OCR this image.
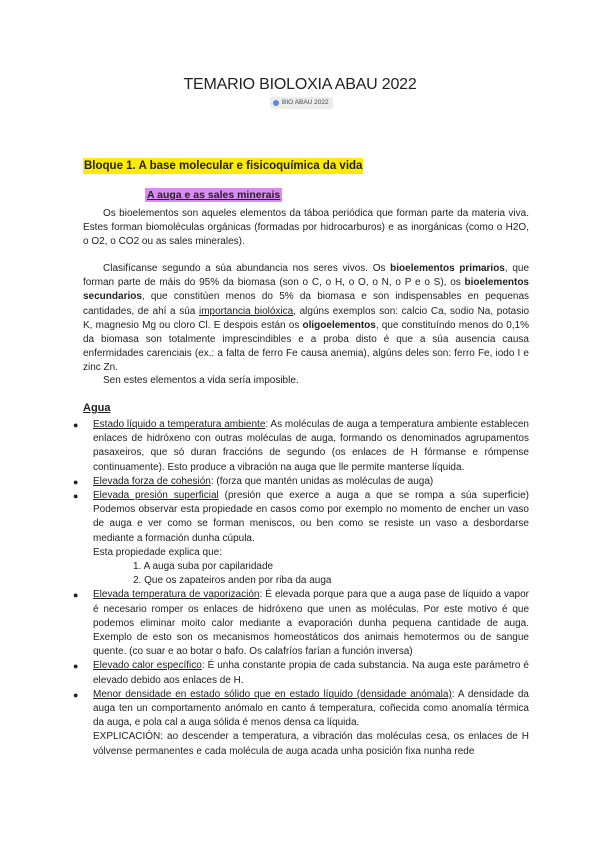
TEMARIO BIOLOXIA ABAU 2022
BIO ABAU 2022
Bloque 1. A base molecular e fisicoquímica da vida
A auga e as sales minerais

Os bioelementos son aqueles elementos da táboa periódica que forman parte da materia viva. Estes forman biomoléculas orgánicas (formadas por hidrocarburos) e as inorgánicas (como o H2O, o O2, o CO2 ou as sales minerales).

Clasifícanse segundo a súa abundancia nos seres vivos. Os bioelementos primarios, que forman parte de máis do 95% da biomasa (son o C, o H, o O, o N, o P e o S), os bioelementos secundarios, que constitúen menos do 5% da biomasa e son indispensables en pequenas cantidades, de ahí a súa importancia biolóxica, algúns exemplos son: calcio Ca, sodio Na, potasio K, magnesio Mg ou cloro Cl. E despois están os oligoelementos, que constituíndo menos do 0,1% da biomasa son totalmente imprescindibles e a proba disto é que a súa ausencia causa enfermidades carenciais (ex.: a falta de ferro Fe causa anemia), algúns deles son: ferro Fe, iodo I e zinc Zn.

Sen estes elementos a vida sería imposible.

Agua
● Estado líquido a temperatura ambiente: As moléculas de auga a temperatura ambiente establecen enlaces de hidróxeno con outras moléculas de auga, formando os denominados agrupamentos pasaxeiros, que só duran fraccións de segundo (os enlaces de H fórmanse e rómpense continuamente). Esto produce a vibración na auga que lle permite manterse líquida.
● Elevada forza de cohesión: (forza que mantén unidas as moléculas de auga)
● Elevada presión superficial (presión que exerce a auga a que se rompa a súa superficie) Podemos observar esta propiedade en casos como por exemplo no momento de encher un vaso de auga e ver como se forman meniscos, ou ben como se resiste un vaso a desbordarse mediante a formación dunha cúpula.
Esta propiedade explica que:
1. A auga suba por capilaridade
2. Que os zapateiros anden por riba da auga
● Elevada temperatura de vaporización: É elevada porque para que a auga pase de líquido a vapor é necesario romper os enlaces de hidróxeno que unen as moléculas. Por este motivo é que podemos eliminar moito calor mediante a evaporación dunha pequena cantidade de auga. Exemplo de esto son os mecanismos homeostáticos dos animais hemotermos ou de sangue quente. (co suar e ao botar o bafo. Os calafríos farían a función inversa)
● Elevado calor específico: É unha constante propia de cada substancia. Na auga este parámetro é elevado debido aos enlaces de H.
● Menor densidade en estado sólido que en estado líquido (densidade anómala): A densidade da auga ten un comportamento anómalo en canto á temperatura, coñecida como anomalía térmica da auga, e pola cal a auga sólida é menos densa ca líquida.
EXPLICACIÓN: ao descender a temperatura, a vibración das moléculas cesa, os enlaces de H vólvense permanentes e cada molécula de auga acada unha posición fixa nunha rede
